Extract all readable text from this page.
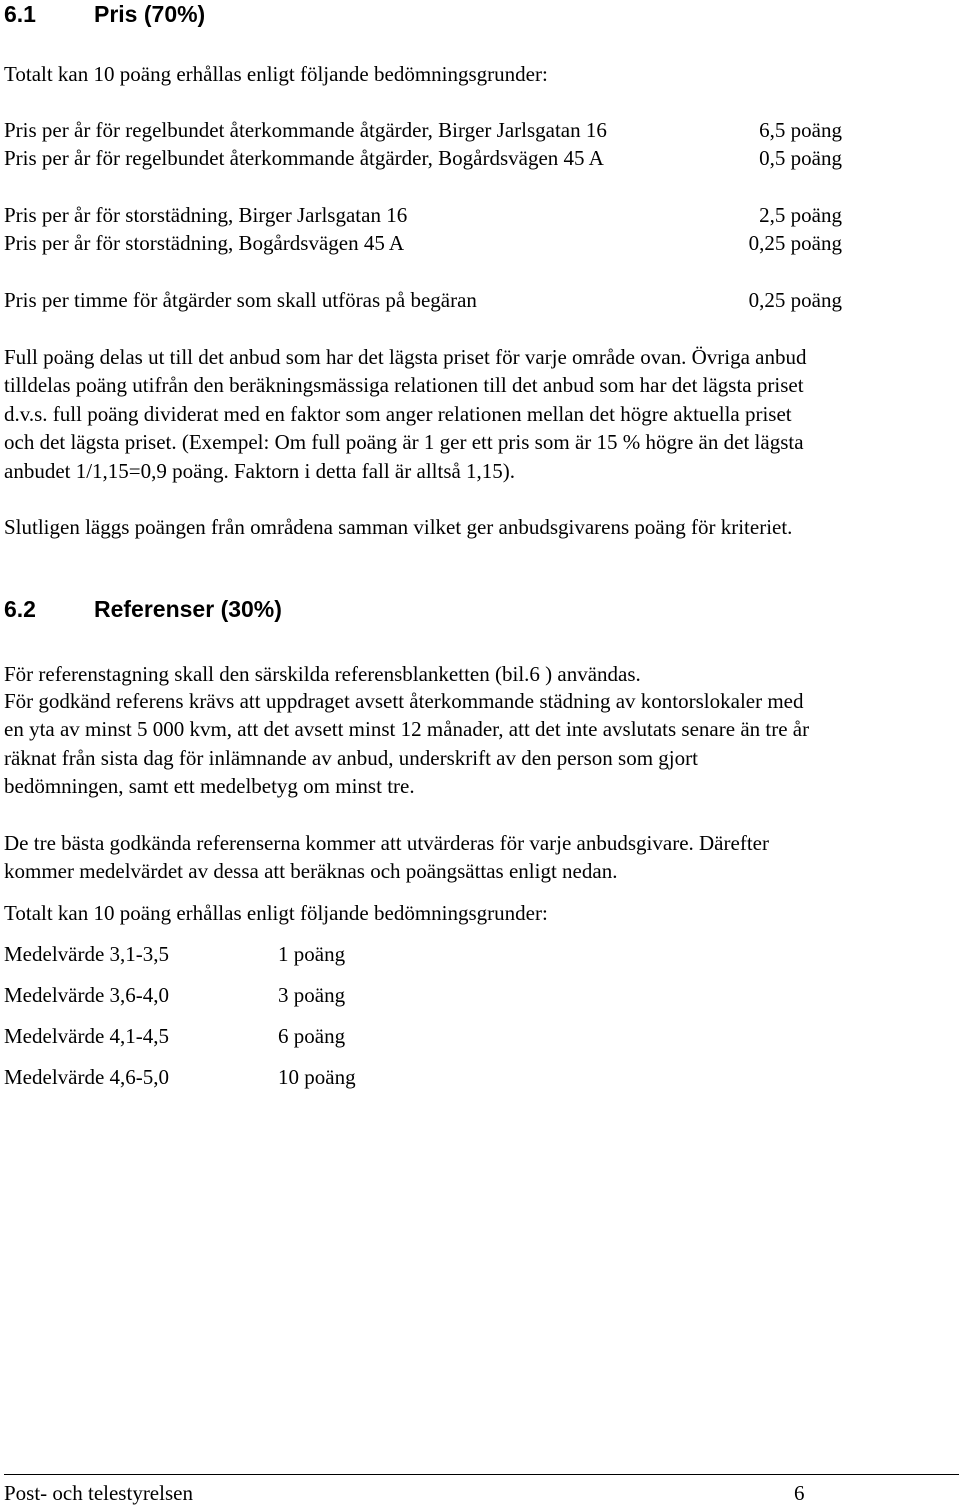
6.1	Pris (70%)
Totalt kan 10 poäng erhållas enligt följande bedömningsgrunder:
Pris per år för regelbundet återkommande åtgärder, Birger Jarlsgatan 16	6,5 poäng
Pris per år för regelbundet återkommande åtgärder, Bogårdsvägen 45 A	0,5 poäng
Pris per år för storstädning, Birger Jarlsgatan 16	2,5 poäng
Pris per år för storstädning, Bogårdsvägen 45 A	0,25 poäng
Pris per timme för åtgärder som skall utföras på begäran	0,25 poäng
Full poäng delas ut till det anbud som har det lägsta priset för varje område ovan. Övriga anbud
tilldelas poäng utifrån den beräkningsmässiga relationen till det anbud som har det lägsta priset
d.v.s. full poäng dividerat med en faktor som anger relationen mellan det högre aktuella priset
och det lägsta priset. (Exempel: Om full poäng är 1 ger ett pris som är 15 % högre än det lägsta
anbudet 1/1,15=0,9 poäng. Faktorn i detta fall är alltså 1,15).
Slutligen läggs poängen från områdena samman vilket ger anbudsgivarens poäng för kriteriet.
6.2	Referenser (30%)
För referenstagning skall den särskilda referensblanketten (bil.6 ) användas.
För godkänd referens krävs att uppdraget avsett återkommande städning av kontorslokaler med
en yta av minst 5 000 kvm, att det avsett minst 12 månader, att det inte avslutats senare än tre år
räknat från sista dag för inlämnande av anbud, underskrift av den person som gjort
bedömningen, samt ett medelbetyg om minst tre.
De tre bästa godkända referenserna kommer att utvärderas för varje anbudsgivare. Därefter
kommer medelvärdet av dessa att beräknas och poängsättas enligt nedan.
Totalt kan 10 poäng erhållas enligt följande bedömningsgrunder:
Medelvärde 3,1-3,5	1 poäng
Medelvärde 3,6-4,0	3 poäng
Medelvärde 4,1-4,5	6 poäng
Medelvärde 4,6-5,0	10 poäng
Post- och telestyrelsen	6
